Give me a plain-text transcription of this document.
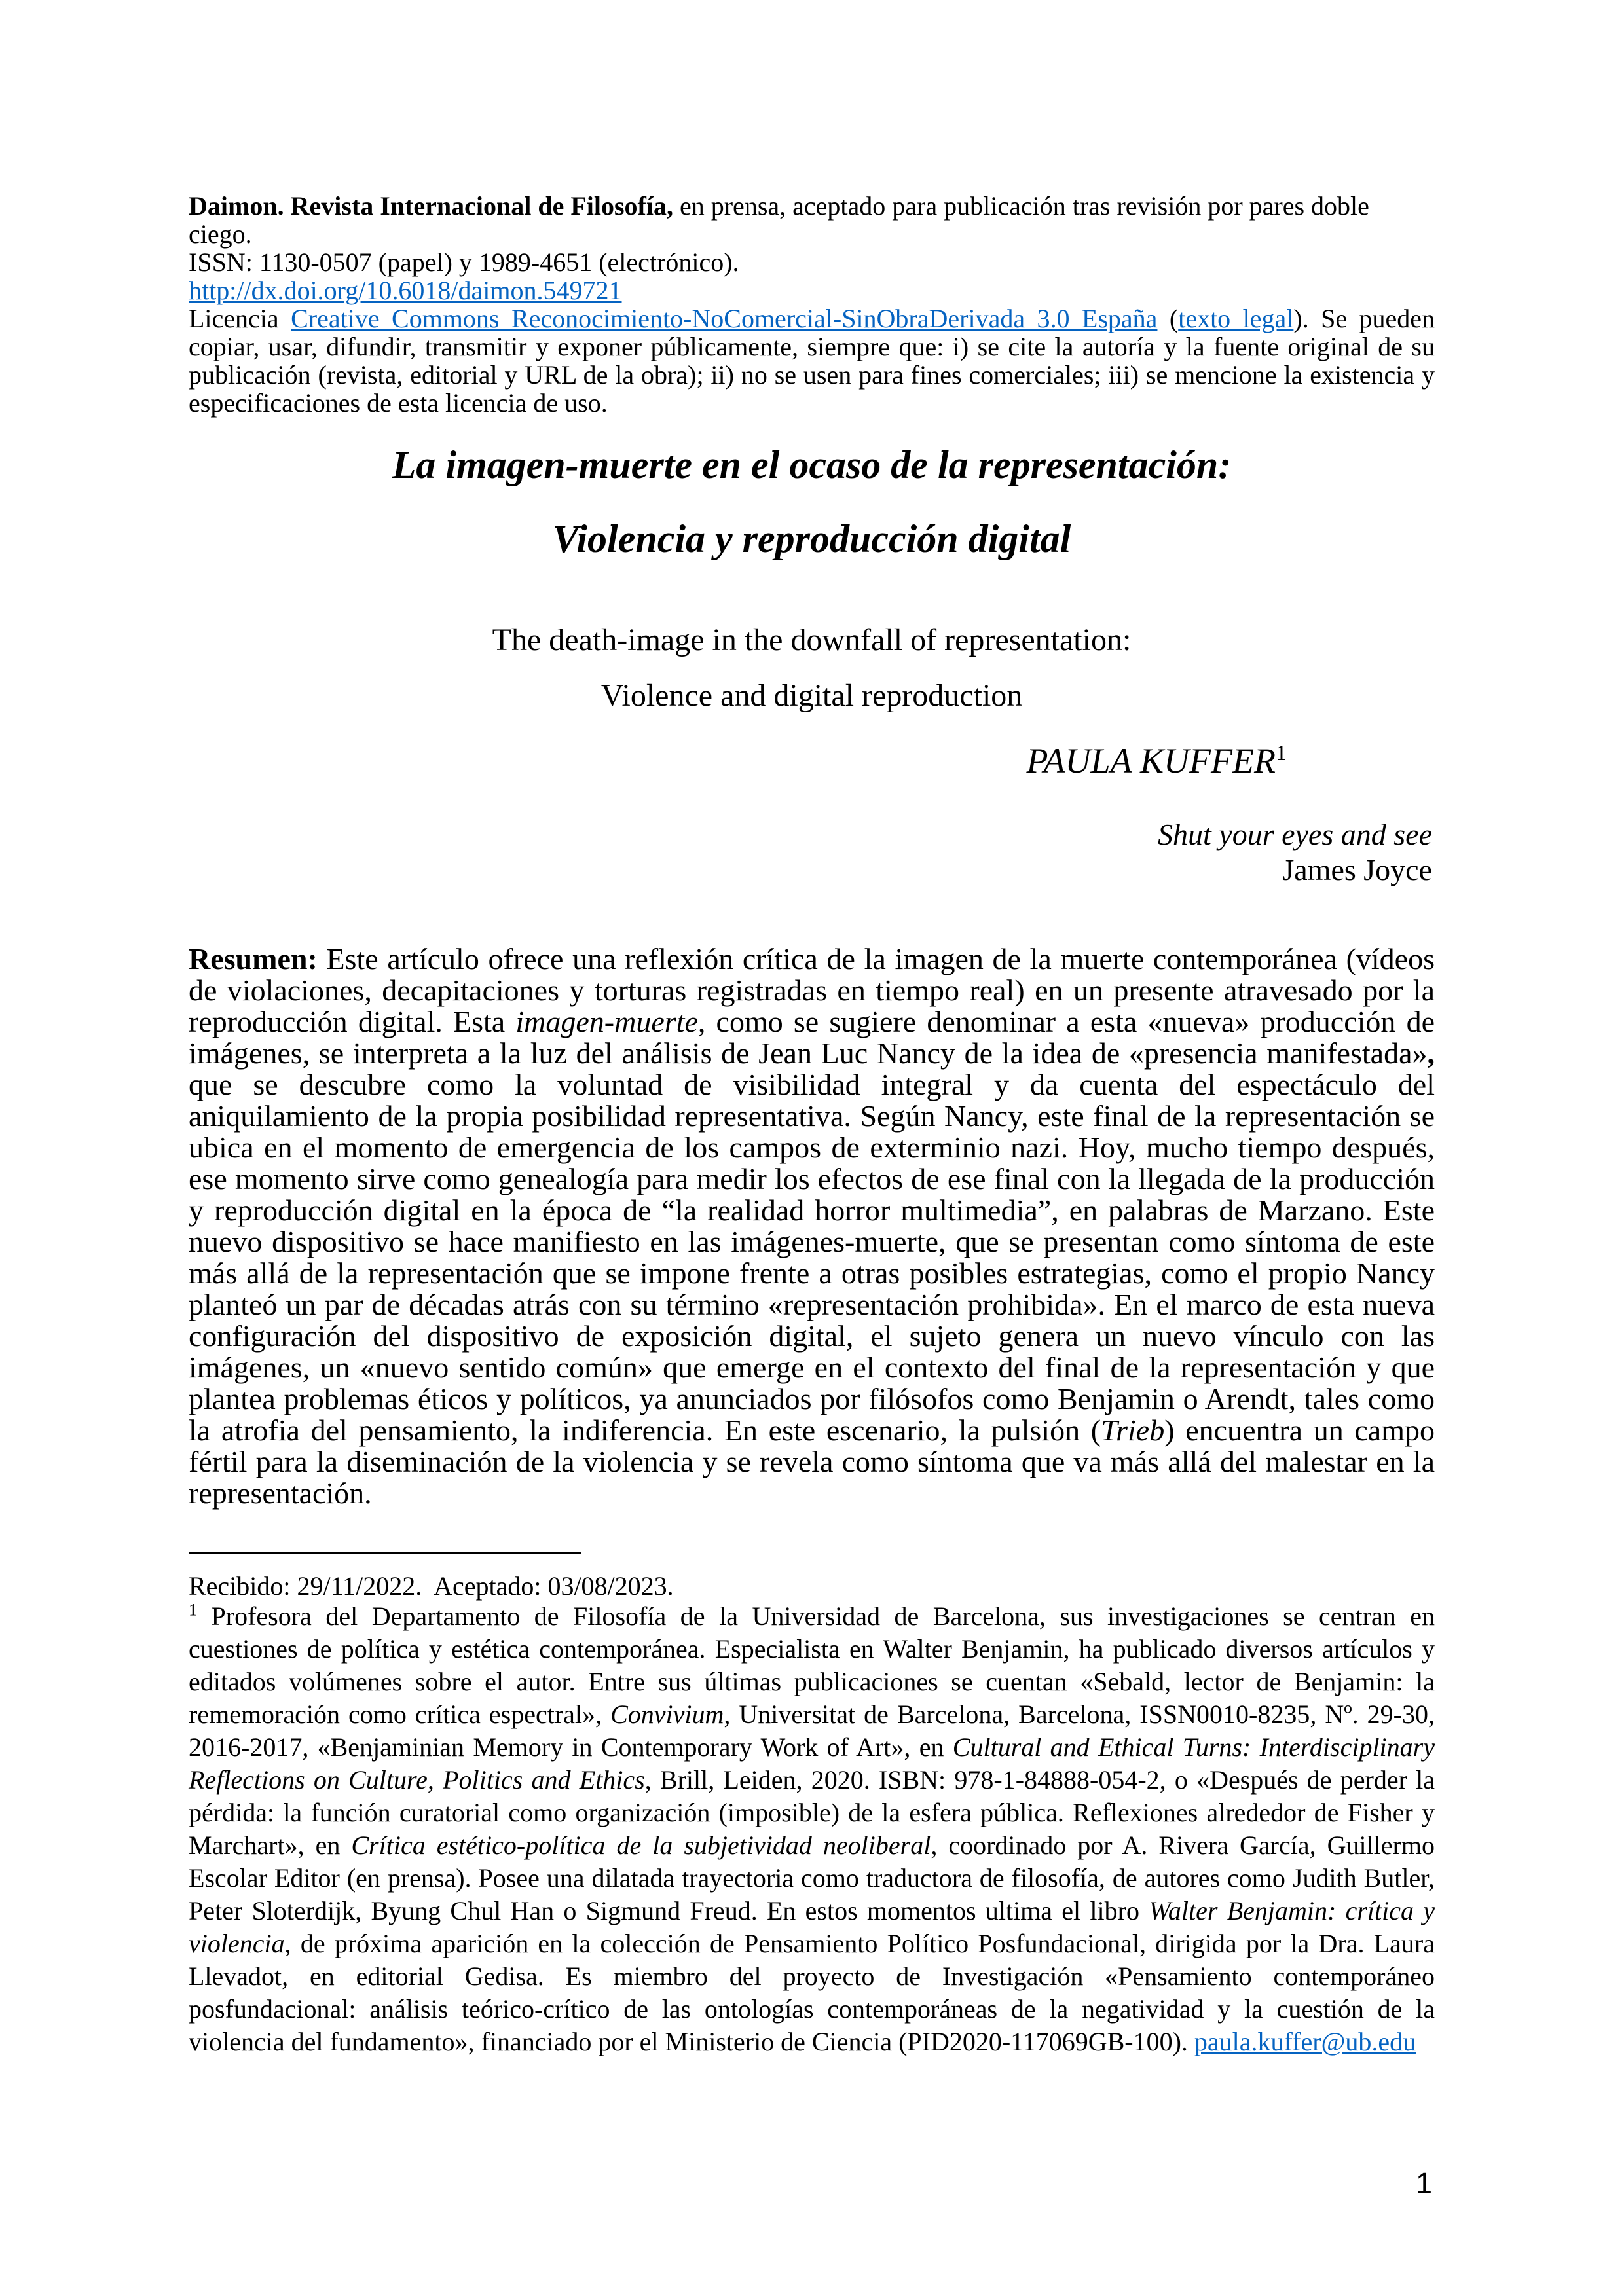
Daimon. Revista Internacional de Filosofía, en prensa, aceptado para publicación tras revisión por pares doble ciego.
ISSN: 1130-0507 (papel) y 1989-4651 (electrónico).
http://dx.doi.org/10.6018/daimon.549721
Licencia Creative Commons Reconocimiento-NoComercial-SinObraDerivada 3.0 España (texto legal). Se pueden copiar, usar, difundir, transmitir y exponer públicamente, siempre que: i) se cite la autoría y la fuente original de su publicación (revista, editorial y URL de la obra); ii) no se usen para fines comerciales; iii) se mencione la existencia y especificaciones de esta licencia de uso.
La imagen-muerte en el ocaso de la representación:
Violencia y reproducción digital
The death-image in the downfall of representation:
Violence and digital reproduction
PAULA KUFFER$^1$
Shut your eyes and see
James Joyce
Resumen: Este artículo ofrece una reflexión crítica de la imagen de la muerte contemporánea (vídeos de violaciones, decapitaciones y torturas registradas en tiempo real) en un presente atravesado por la reproducción digital. Esta imagen-muerte, como se sugiere denominar a esta «nueva» producción de imágenes, se interpreta a la luz del análisis de Jean Luc Nancy de la idea de «presencia manifestada», que se descubre como la voluntad de visibilidad integral y da cuenta del espectáculo del aniquilamiento de la propia posibilidad representativa. Según Nancy, este final de la representación se ubica en el momento de emergencia de los campos de exterminio nazi. Hoy, mucho tiempo después, ese momento sirve como genealogía para medir los efectos de ese final con la llegada de la producción y reproducción digital en la época de “la realidad horror multimedia”, en palabras de Marzano. Este nuevo dispositivo se hace manifiesto en las imágenes-muerte, que se presentan como síntoma de este más allá de la representación que se impone frente a otras posibles estrategias, como el propio Nancy planteó un par de décadas atrás con su término «representación prohibida». En el marco de esta nueva configuración del dispositivo de exposición digital, el sujeto genera un nuevo vínculo con las imágenes, un «nuevo sentido común» que emerge en el contexto del final de la representación y que plantea problemas éticos y políticos, ya anunciados por filósofos como Benjamin o Arendt, tales como la atrofia del pensamiento, la indiferencia. En este escenario, la pulsión (Trieb) encuentra un campo fértil para la diseminación de la violencia y se revela como síntoma que va más allá del malestar en la representación.
Recibido: 29/11/2022.  Aceptado: 03/08/2023.
$^1$ Profesora del Departamento de Filosofía de la Universidad de Barcelona, sus investigaciones se centran en cuestiones de política y estética contemporánea. Especialista en Walter Benjamin, ha publicado diversos artículos y editados volúmenes sobre el autor. Entre sus últimas publicaciones se cuentan «Sebald, lector de Benjamin: la rememoración como crítica espectral», Convivium, Universitat de Barcelona, Barcelona, ISSN0010-8235, Nº. 29-30, 2016-2017, «Benjaminian Memory in Contemporary Work of Art», en Cultural and Ethical Turns: Interdisciplinary Reflections on Culture, Politics and Ethics, Brill, Leiden, 2020. ISBN: 978-1-84888-054-2, o «Después de perder la pérdida: la función curatorial como organización (imposible) de la esfera pública. Reflexiones alrededor de Fisher y Marchart», en Crítica estético-política de la subjetividad neoliberal, coordinado por A. Rivera García, Guillermo Escolar Editor (en prensa). Posee una dilatada trayectoria como traductora de filosofía, de autores como Judith Butler, Peter Sloterdijk, Byung Chul Han o Sigmund Freud. En estos momentos ultima el libro Walter Benjamin: crítica y violencia, de próxima aparición en la colección de Pensamiento Político Posfundacional, dirigida por la Dra. Laura Llevadot, en editorial Gedisa. Es miembro del proyecto de Investigación «Pensamiento contemporáneo posfundacional: análisis teórico-crítico de las ontologías contemporáneas de la negatividad y la cuestión de la violencia del fundamento», financiado por el Ministerio de Ciencia (PID2020-117069GB-100). paula.kuffer@ub.edu
1
